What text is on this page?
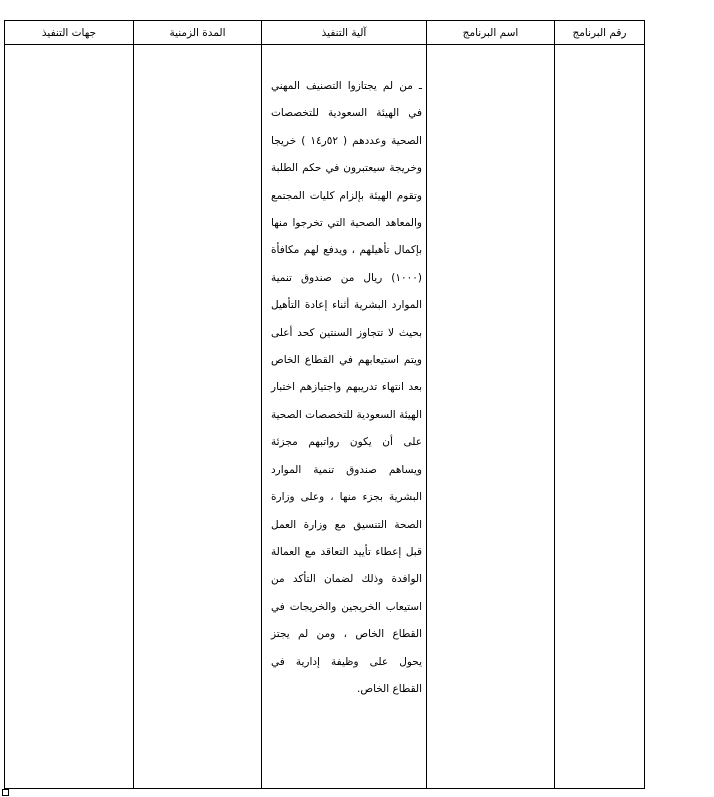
رقم البرنامج	اسم البرنامج	آلية التنفيذ	المدة الزمنية	جهات التنفيذ

		ـ من لم يجتازوا التصنيف المهني في الهيئة السعودية للتخصصات الصحية وعددهم ( ٥٢ر١٤ ) خريجا وخريجة سيعتبرون في حكم الطلبة وتقوم الهيئة بإلزام كليات المجتمع والمعاهد الصحية التي تخرجوا منها بإكمال تأهيلهم ، ويدفع لهم مكافأة (١٠٠٠) ريال من صندوق تنمية الموارد البشرية أثناء إعادة التأهيل بحيث لا تتجاوز السنتين كحد أعلى ويتم استيعابهم في القطاع الخاص بعد انتهاء تدريبهم واجتيازهم اختبار الهيئة السعودية للتخصصات الصحية على أن يكون رواتبهم مجزئة ويساهم صندوق تنمية الموارد البشرية بجزء منها ، وعلى وزارة الصحة التنسيق مع وزارة العمل قبل إعطاء تأييد التعاقد مع العمالة الوافدة وذلك لضمان التأكد من استيعاب الخريجين والخريجات في القطاع الخاص ، ومن لم يجتز يحول على وظيفة إدارية في القطاع الخاص.		
